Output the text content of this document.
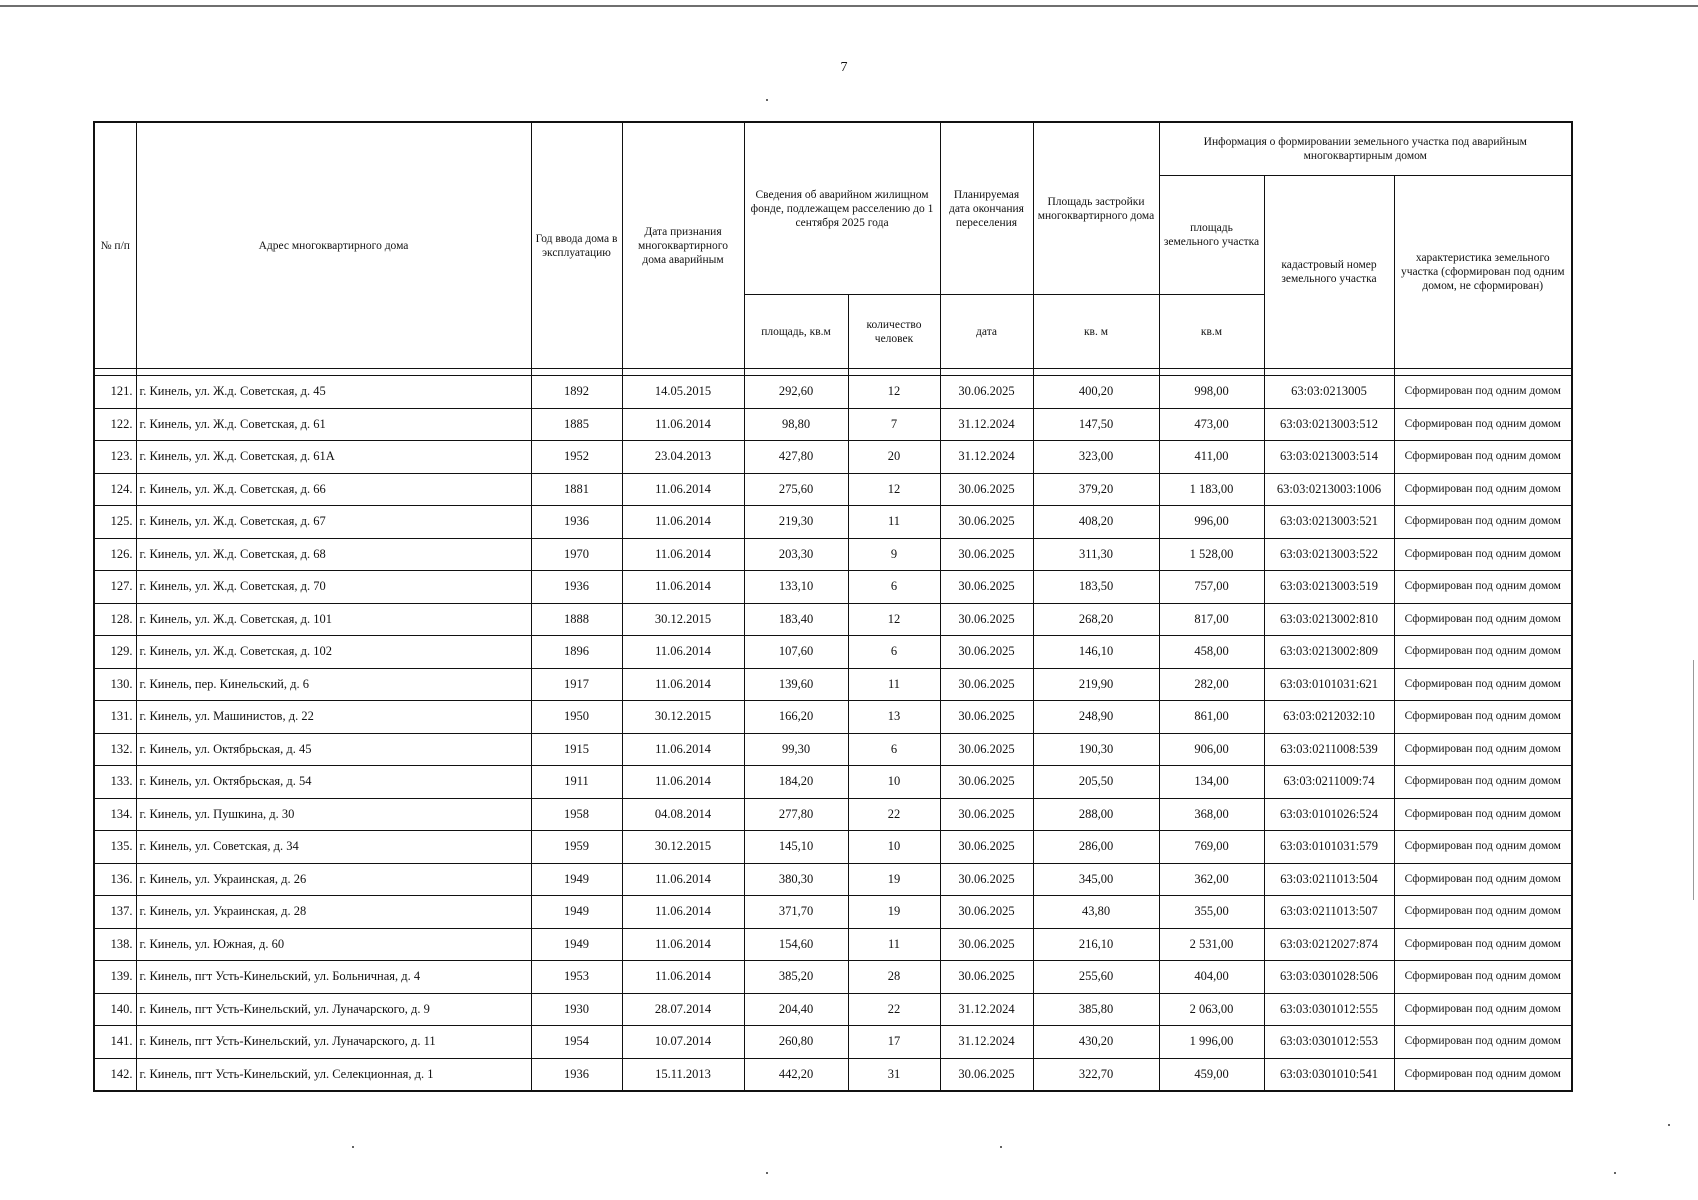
7
№ п/п	Адрес многоквартирного дома	Год ввода дома в эксплуатацию	Дата признания многоквартирного дома аварийным	Сведения об аварийном жилищном фонде, подлежащем расселению до 1 сентября 2025 года		Планируемая дата окончания переселения	Площадь застройки многоквартирного дома	Информация о формировании земельного участка под аварийным многоквартирным домом		
								площадь земельного участка	кадастровый номер земельного участка	характеристика земельного участка (сформирован под одним домом, не сформирован)
				площадь, кв.м	количество человек	дата	кв. м	кв.м		

121.	г. Кинель, ул. Ж.д. Советская, д. 45	1892	14.05.2015	292,60	12	30.06.2025	400,20	998,00	63:03:0213005	Сформирован под одним домом
122.	г. Кинель, ул. Ж.д. Советская, д. 61	1885	11.06.2014	98,80	7	31.12.2024	147,50	473,00	63:03:0213003:512	Сформирован под одним домом
123.	г. Кинель, ул. Ж.д. Советская, д. 61А	1952	23.04.2013	427,80	20	31.12.2024	323,00	411,00	63:03:0213003:514	Сформирован под одним домом
124.	г. Кинель, ул. Ж.д. Советская, д. 66	1881	11.06.2014	275,60	12	30.06.2025	379,20	1 183,00	63:03:0213003:1006	Сформирован под одним домом
125.	г. Кинель, ул. Ж.д. Советская, д. 67	1936	11.06.2014	219,30	11	30.06.2025	408,20	996,00	63:03:0213003:521	Сформирован под одним домом
126.	г. Кинель, ул. Ж.д. Советская, д. 68	1970	11.06.2014	203,30	9	30.06.2025	311,30	1 528,00	63:03:0213003:522	Сформирован под одним домом
127.	г. Кинель, ул. Ж.д. Советская, д. 70	1936	11.06.2014	133,10	6	30.06.2025	183,50	757,00	63:03:0213003:519	Сформирован под одним домом
128.	г. Кинель, ул. Ж.д. Советская, д. 101	1888	30.12.2015	183,40	12	30.06.2025	268,20	817,00	63:03:0213002:810	Сформирован под одним домом
129.	г. Кинель, ул. Ж.д. Советская, д. 102	1896	11.06.2014	107,60	6	30.06.2025	146,10	458,00	63:03:0213002:809	Сформирован под одним домом
130.	г. Кинель, пер. Кинельский, д. 6	1917	11.06.2014	139,60	11	30.06.2025	219,90	282,00	63:03:0101031:621	Сформирован под одним домом
131.	г. Кинель, ул. Машинистов, д. 22	1950	30.12.2015	166,20	13	30.06.2025	248,90	861,00	63:03:0212032:10	Сформирован под одним домом
132.	г. Кинель, ул. Октябрьская, д. 45	1915	11.06.2014	99,30	6	30.06.2025	190,30	906,00	63:03:0211008:539	Сформирован под одним домом
133.	г. Кинель, ул. Октябрьская, д. 54	1911	11.06.2014	184,20	10	30.06.2025	205,50	134,00	63:03:0211009:74	Сформирован под одним домом
134.	г. Кинель, ул. Пушкина, д. 30	1958	04.08.2014	277,80	22	30.06.2025	288,00	368,00	63:03:0101026:524	Сформирован под одним домом
135.	г. Кинель, ул. Советская, д. 34	1959	30.12.2015	145,10	10	30.06.2025	286,00	769,00	63:03:0101031:579	Сформирован под одним домом
136.	г. Кинель, ул. Украинская, д. 26	1949	11.06.2014	380,30	19	30.06.2025	345,00	362,00	63:03:0211013:504	Сформирован под одним домом
137.	г. Кинель, ул. Украинская, д. 28	1949	11.06.2014	371,70	19	30.06.2025	43,80	355,00	63:03:0211013:507	Сформирован под одним домом
138.	г. Кинель, ул. Южная, д. 60	1949	11.06.2014	154,60	11	30.06.2025	216,10	2 531,00	63:03:0212027:874	Сформирован под одним домом
139.	г. Кинель, пгт Усть-Кинельский, ул. Больничная, д. 4	1953	11.06.2014	385,20	28	30.06.2025	255,60	404,00	63:03:0301028:506	Сформирован под одним домом
140.	г. Кинель, пгт Усть-Кинельский, ул. Луначарского, д. 9	1930	28.07.2014	204,40	22	31.12.2024	385,80	2 063,00	63:03:0301012:555	Сформирован под одним домом
141.	г. Кинель, пгт Усть-Кинельский, ул. Луначарского, д. 11	1954	10.07.2014	260,80	17	31.12.2024	430,20	1 996,00	63:03:0301012:553	Сформирован под одним домом
142.	г. Кинель, пгт Усть-Кинельский, ул. Селекционная, д. 1	1936	15.11.2013	442,20	31	30.06.2025	322,70	459,00	63:03:0301010:541	Сформирован под одним домом
